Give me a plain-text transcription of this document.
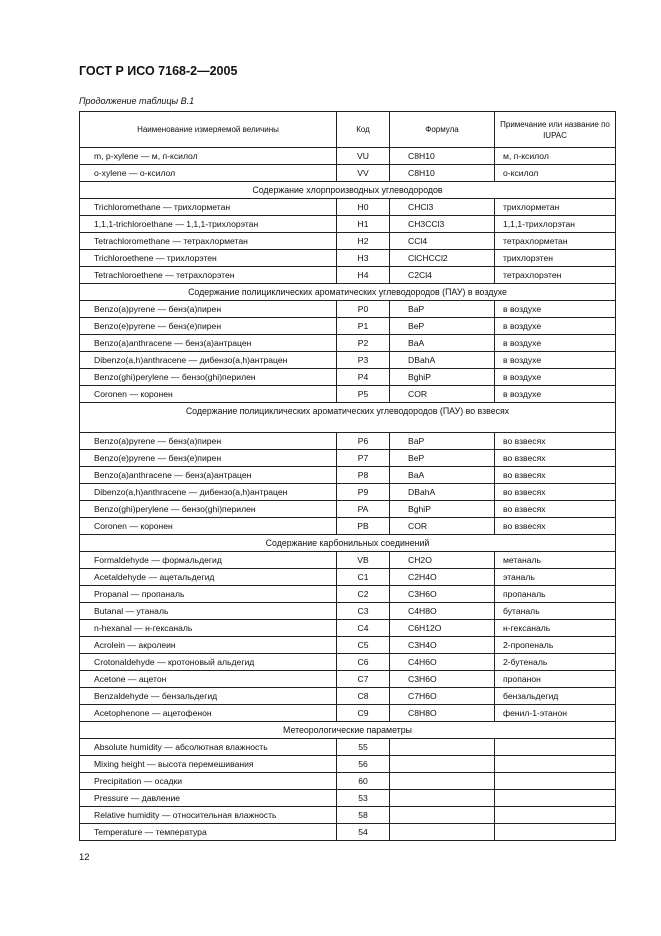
ГОСТ Р ИСО 7168-2—2005
Продолжение таблицы В.1
Наименование измеряемой величины	Код	Формула	Примечание или название по IUPAC
m, p-xylene — м, п-ксилол	VU	C8H10	м, п-ксилол
o-xylene — о-ксилол	VV	C8H10	о-ксилол
Содержание хлорпроизводных углеводородов			
Trichloromethane — трихлорметан	H0	CHCl3	трихлорметан
1,1,1-trichloroethane — 1,1,1-трихлорэтан	H1	CH3CCl3	1,1,1-трихлорэтан
Tetrachloromethane — тетрахлорметан	H2	CCl4	тетрахлорметан
Trichloroethene — трихлорэтен	H3	ClCHCCl2	трихлорэтен
Tetrachloroethene — тетрахлорэтен	H4	C2Cl4	тетрахлорэтен
Содержание полициклических ароматических углеводородов (ПАУ) в воздухе			
Benzo(a)pyrene — бенз(а)пирен	P0	BaP	в воздухе
Benzo(e)pyrene — бенз(е)пирен	P1	BeP	в воздухе
Benzo(a)anthracene — бенз(а)антрацен	P2	BaA	в воздухе
Dibenzo(a,h)anthracene — дибензо(а,h)антрацен	P3	DBahA	в воздухе
Benzo(ghi)perylene — бензо(ghi)перилен	P4	BghiP	в воздухе
Coronen — коронен	P5	COR	в воздухе
Содержание полициклических ароматических углеводородов (ПАУ) во взвесях			
Benzo(a)pyrene — бенз(а)пирен	P6	BaP	во взвесях
Benzo(e)pyrene — бенз(е)пирен	P7	BeP	во взвесях
Benzo(a)anthracene — бенз(а)антрацен	P8	BaA	во взвесях
Dibenzo(a,h)anthracene — дибензо(а,h)антрацен	P9	DBahA	во взвесях
Benzo(ghi)perylene — бензо(ghi)перилен	PA	BghiP	во взвесях
Coronen — коронен	PB	COR	во взвесях
Содержание карбонильных соединений			
Formaldehyde — формальдегид	VB	CH2O	метаналь
Acetaldehyde — ацетальдегид	C1	C2H4O	этаналь
Propanal — пропаналь	C2	C3H6O	пропаналь
Butanal — утаналь	C3	C4H8O	бутаналь
n-hexanal — н-гексаналь	C4	C6H12O	н-гексаналь
Acrolein — акролеин	C5	C3H4O	2-пропеналь
Crotonaldehyde — кротоновый альдегид	C6	C4H6O	2-бутеналь
Acetone — ацетон	C7	C3H6O	пропанон
Benzaldehyde — бензальдегид	C8	C7H6O	бензальдегид
Acetophenone — ацетофенон	C9	C8H8O	фенил-1-этанон
Метеорологические параметры			
Absolute humidity — абсолютная влажность	55		
Mixing height — высота перемешивания	56		
Precipitation — осадки	60		
Pressure — давление	53		
Relative humidity — относительная влажность	58		
Temperature — температура	54		
12
